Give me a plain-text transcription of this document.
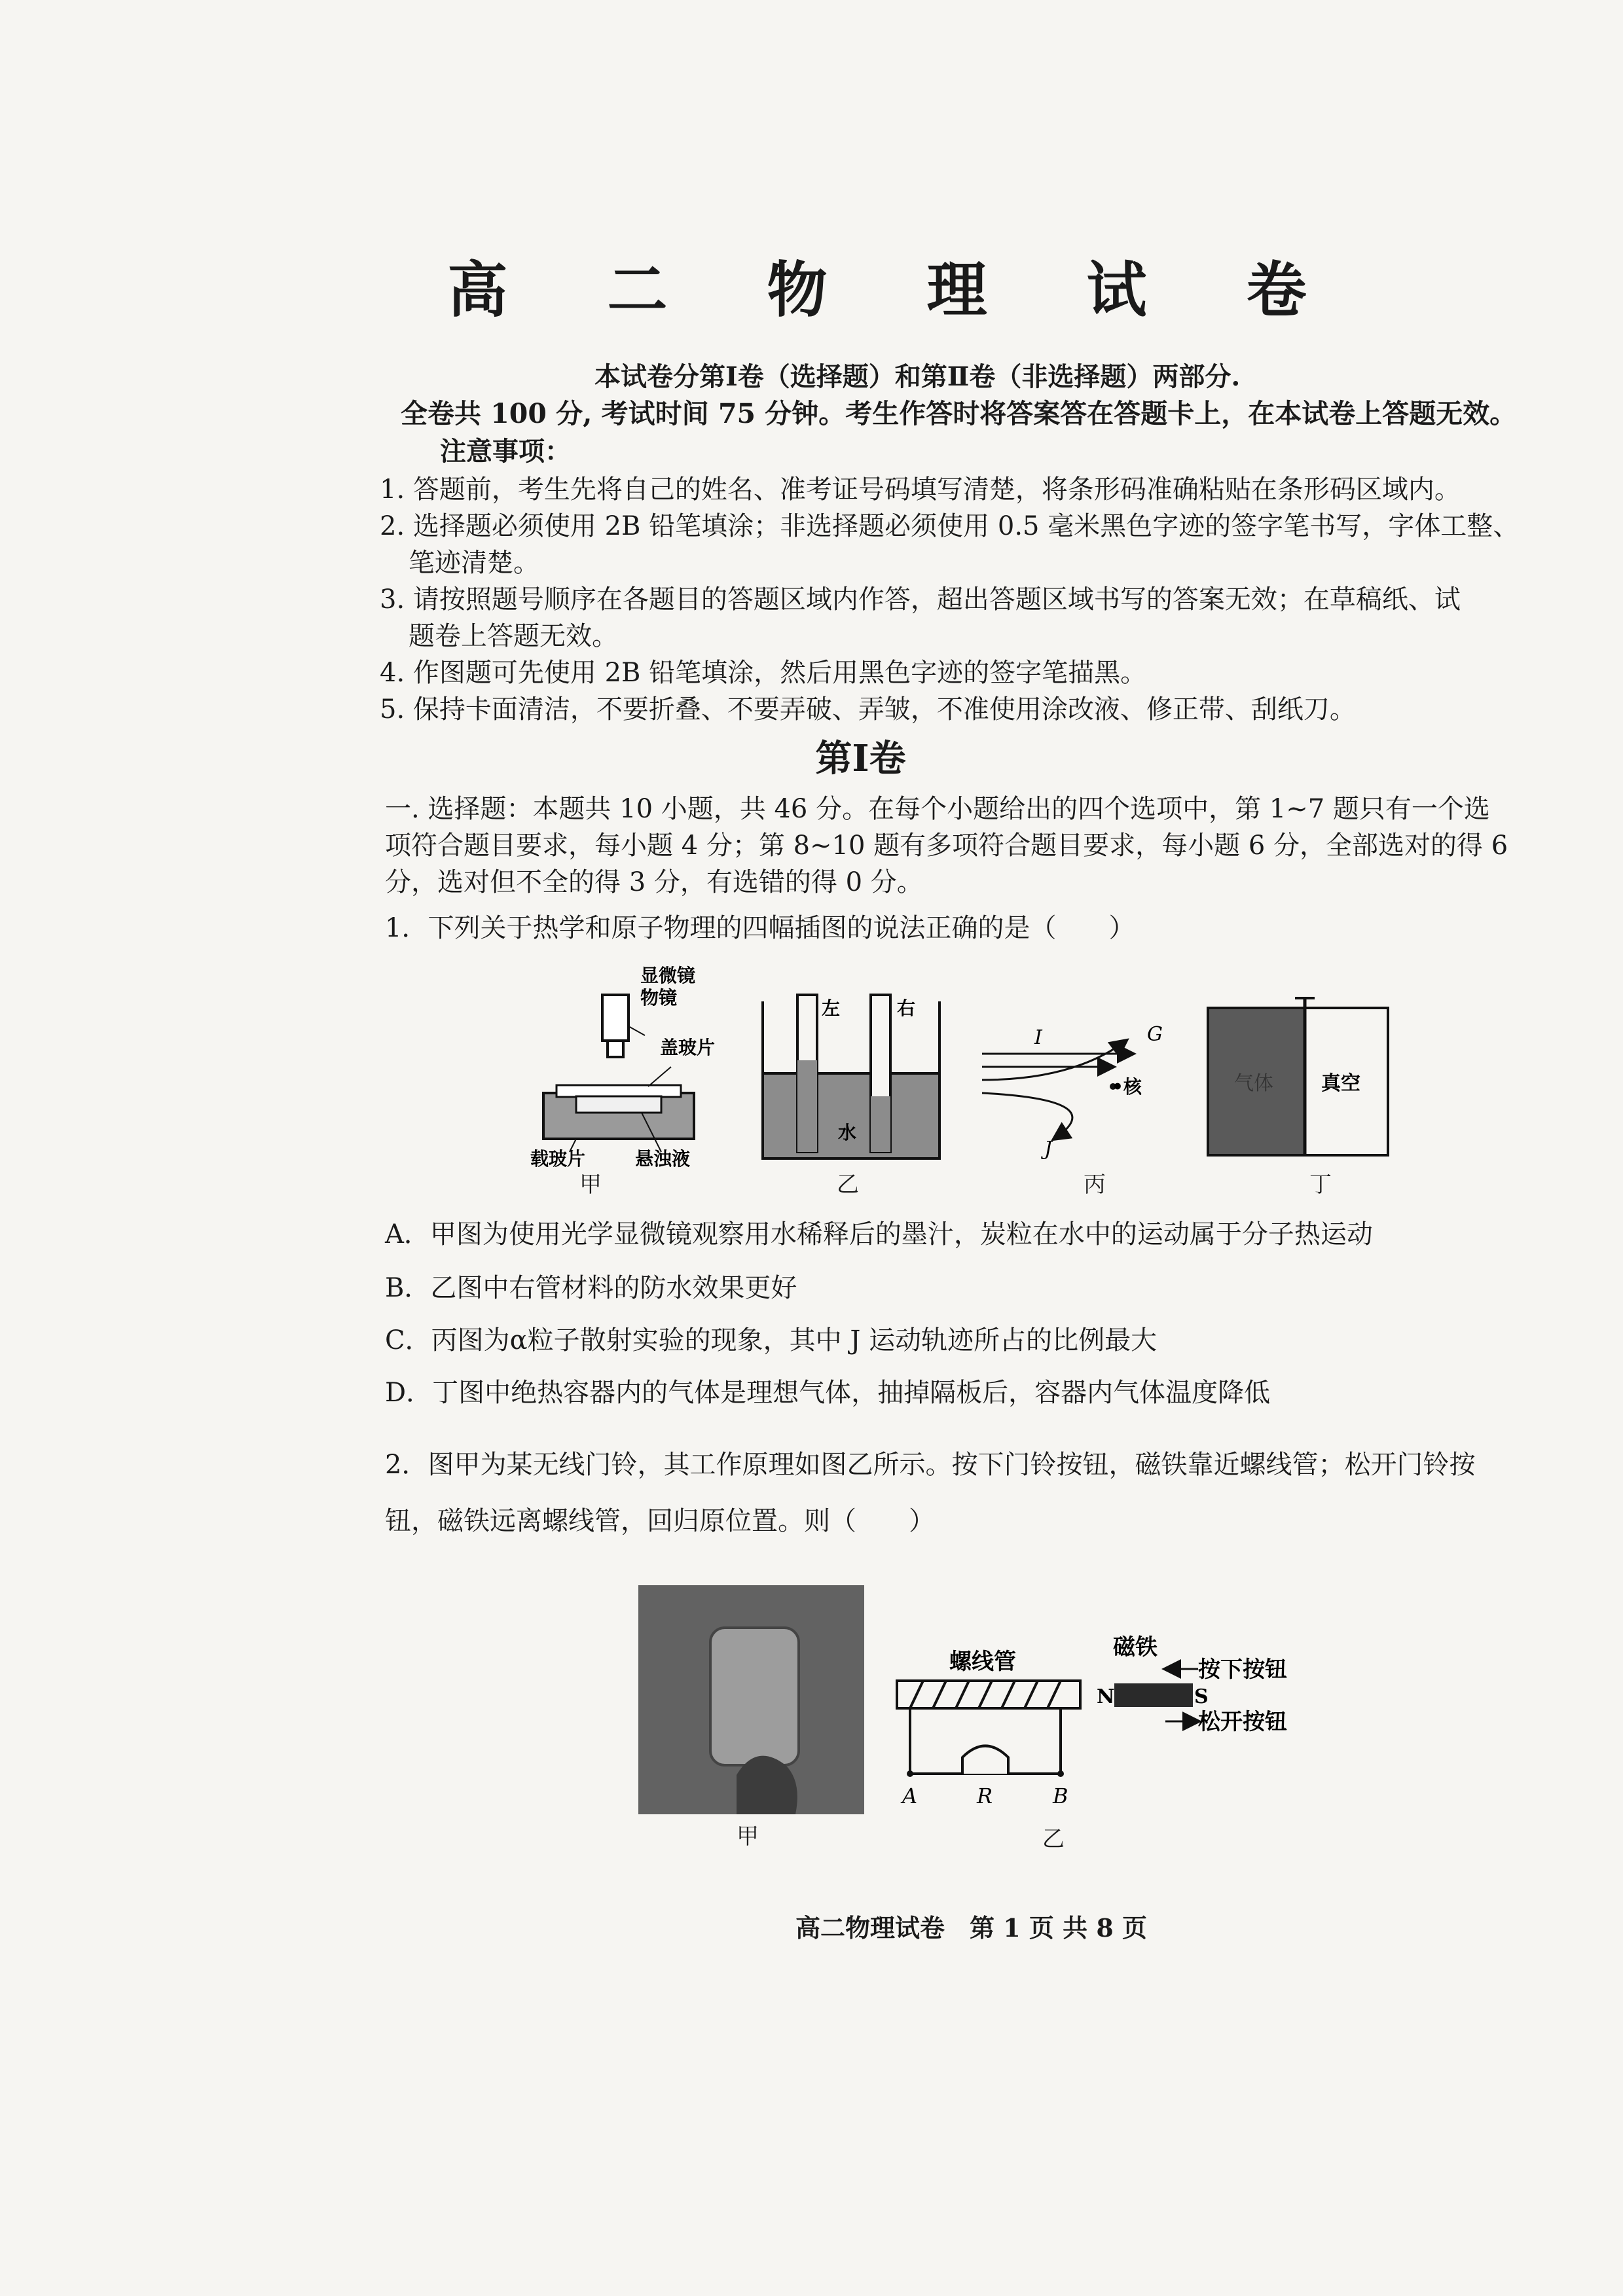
高 二 物 理 试 卷
本试卷分第Ⅰ卷（选择题）和第Ⅱ卷（非选择题）两部分.
全卷共 100 分, 考试时间 75 分钟。考生作答时将答案答在答题卡上，在本试卷上答题无效。
注意事项：
1. 答题前，考生先将自己的姓名、准考证号码填写清楚，将条形码准确粘贴在条形码区域内。
2. 选择题必须使用 2B 铅笔填涂；非选择题必须使用 0.5 毫米黑色字迹的签字笔书写，字体工整、
笔迹清楚。
3. 请按照题号顺序在各题目的答题区域内作答，超出答题区域书写的答案无效；在草稿纸、试
题卷上答题无效。
4. 作图题可先使用 2B 铅笔填涂，然后用黑色字迹的签字笔描黑。
5. 保持卡面清洁，不要折叠、不要弄破、弄皱，不准使用涂改液、修正带、刮纸刀。
第Ⅰ卷
一. 选择题：本题共 10 小题，共 46 分。在每个小题给出的四个选项中，第 1~7 题只有一个选
项符合题目要求，每小题 4 分；第 8~10 题有多项符合题目要求，每小题 6 分，全部选对的得 6
分，选对但不全的得 3 分，有选错的得 0 分。
1．下列关于热学和原子物理的四幅插图的说法正确的是（　　）
显微镜
物镜
盖玻片
载玻片	悬浊液
甲
左	右
水
乙
I	G
J
•核
丙
气体 真空
丁
A．甲图为使用光学显微镜观察用水稀释后的墨汁，炭粒在水中的运动属于分子热运动
B．乙图中右管材料的防水效果更好
C．丙图为α粒子散射实验的现象，其中 J 运动轨迹所占的比例最大
D．丁图中绝热容器内的气体是理想气体，抽掉隔板后，容器内气体温度降低
2．图甲为某无线门铃，其工作原理如图乙所示。按下门铃按钮，磁铁靠近螺线管；松开门铃按
钮，磁铁远离螺线管，回归原位置。则（　　）
甲
螺线管
磁铁
按下按钮
松开按钮
N	S
A	R	B
乙
高二物理试卷　第 1 页 共 8 页
